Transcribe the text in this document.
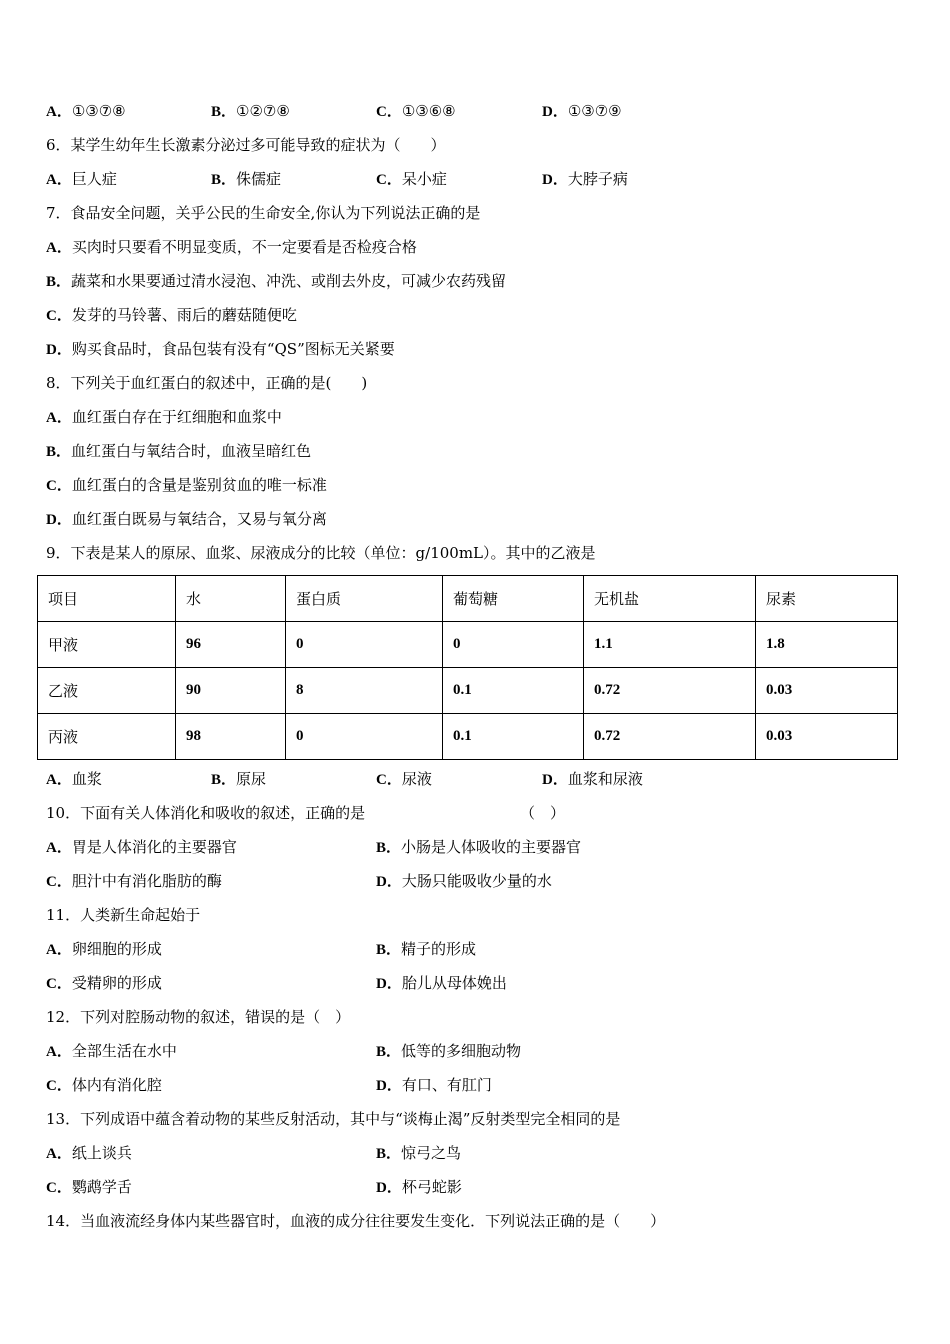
A．①③⑦⑧	B．①②⑦⑧	C．①③⑥⑧	D．①③⑦⑨
6．某学生幼年生长激素分泌过多可能导致的症状为（　　）
A．巨人症	B．侏儒症	C．呆小症	D．大脖子病
7．食品安全问题，关乎公民的生命安全,你认为下列说法正确的是
A．买肉时只要看不明显变质，不一定要看是否检疫合格
B．蔬菜和水果要通过清水浸泡、冲洗、或削去外皮，可减少农药残留
C．发芽的马铃薯、雨后的蘑菇随便吃
D．购买食品时，食品包装有没有“QS”图标无关紧要
8．下列关于血红蛋白的叙述中，正确的是(　　)
A．血红蛋白存在于红细胞和血浆中
B．血红蛋白与氧结合时，血液呈暗红色
C．血红蛋白的含量是鉴别贫血的唯一标准
D．血红蛋白既易与氧结合，又易与氧分离
9．下表是某人的原尿、血浆、尿液成分的比较（单位：g/100mL）。其中的乙液是
项目	水	蛋白质	葡萄糖	无机盐	尿素
甲液	96	0	0	1.1	1.8
乙液	90	8	0.1	0.72	0.03
丙液	98	0	0.1	0.72	0.03
A．血浆	B．原尿	C．尿液	D．血浆和尿液
10．下面有关人体消化和吸收的叙述，正确的是	（　）
A．胃是人体消化的主要器官	B．小肠是人体吸收的主要器官
C．胆汁中有消化脂肪的酶	D．大肠只能吸收少量的水
11．人类新生命起始于
A．卵细胞的形成	B．精子的形成
C．受精卵的形成	D．胎儿从母体娩出
12．下列对腔肠动物的叙述，错误的是（　）
A．全部生活在水中	B．低等的多细胞动物
C．体内有消化腔	D．有口、有肛门
13．下列成语中蕴含着动物的某些反射活动，其中与“谈梅止渴”反射类型完全相同的是
A．纸上谈兵	B．惊弓之鸟
C．鹦鹉学舌	D．杯弓蛇影
14．当血液流经身体内某些器官时，血液的成分往往要发生变化．下列说法正确的是（　　）
